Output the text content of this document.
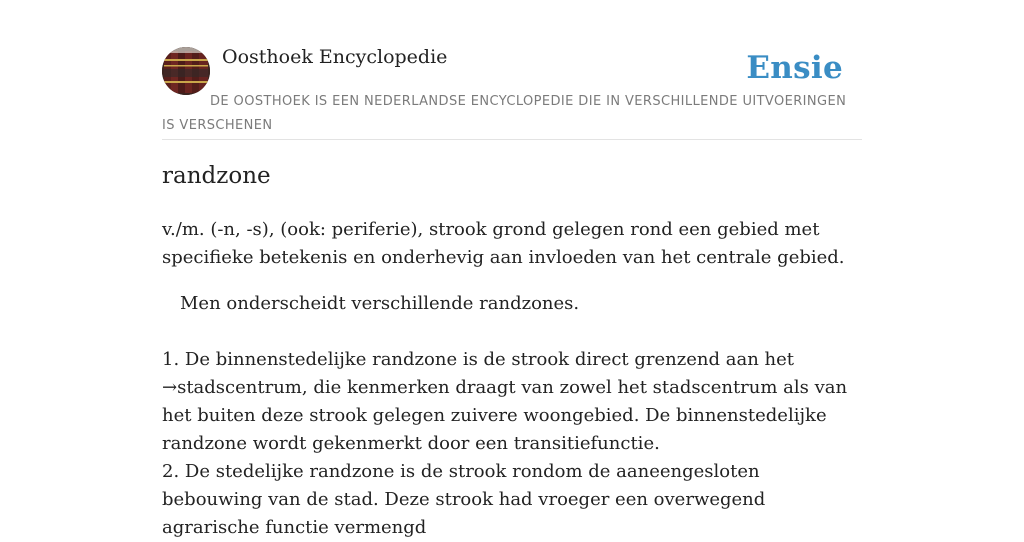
Oosthoek Encyclopedie	Ensie
DE OOSTHOEK IS EEN NEDERLANDSE ENCYCLOPEDIE DIE IN VERSCHILLENDE UITVOERINGEN IS VERSCHENEN
randzone

v./m. (-n, -s), (ook: periferie), strook grond gelegen rond een gebied met specifieke betekenis en onderhevig aan invloeden van het centrale gebied.

Men onderscheidt verschillende randzones.

1. De binnenstedelijke randzone is de strook direct grenzend aan het

→stadscentrum, die kenmerken draagt van zowel het stadscentrum als van het buiten deze strook gelegen zuivere woongebied. De binnenstedelijke randzone wordt gekenmerkt door een transitiefunctie.

2. De stedelijke randzone is de strook rondom de aaneengesloten bebouwing van de stad. Deze strook had vroeger een overwegend agrarische functie vermengd
